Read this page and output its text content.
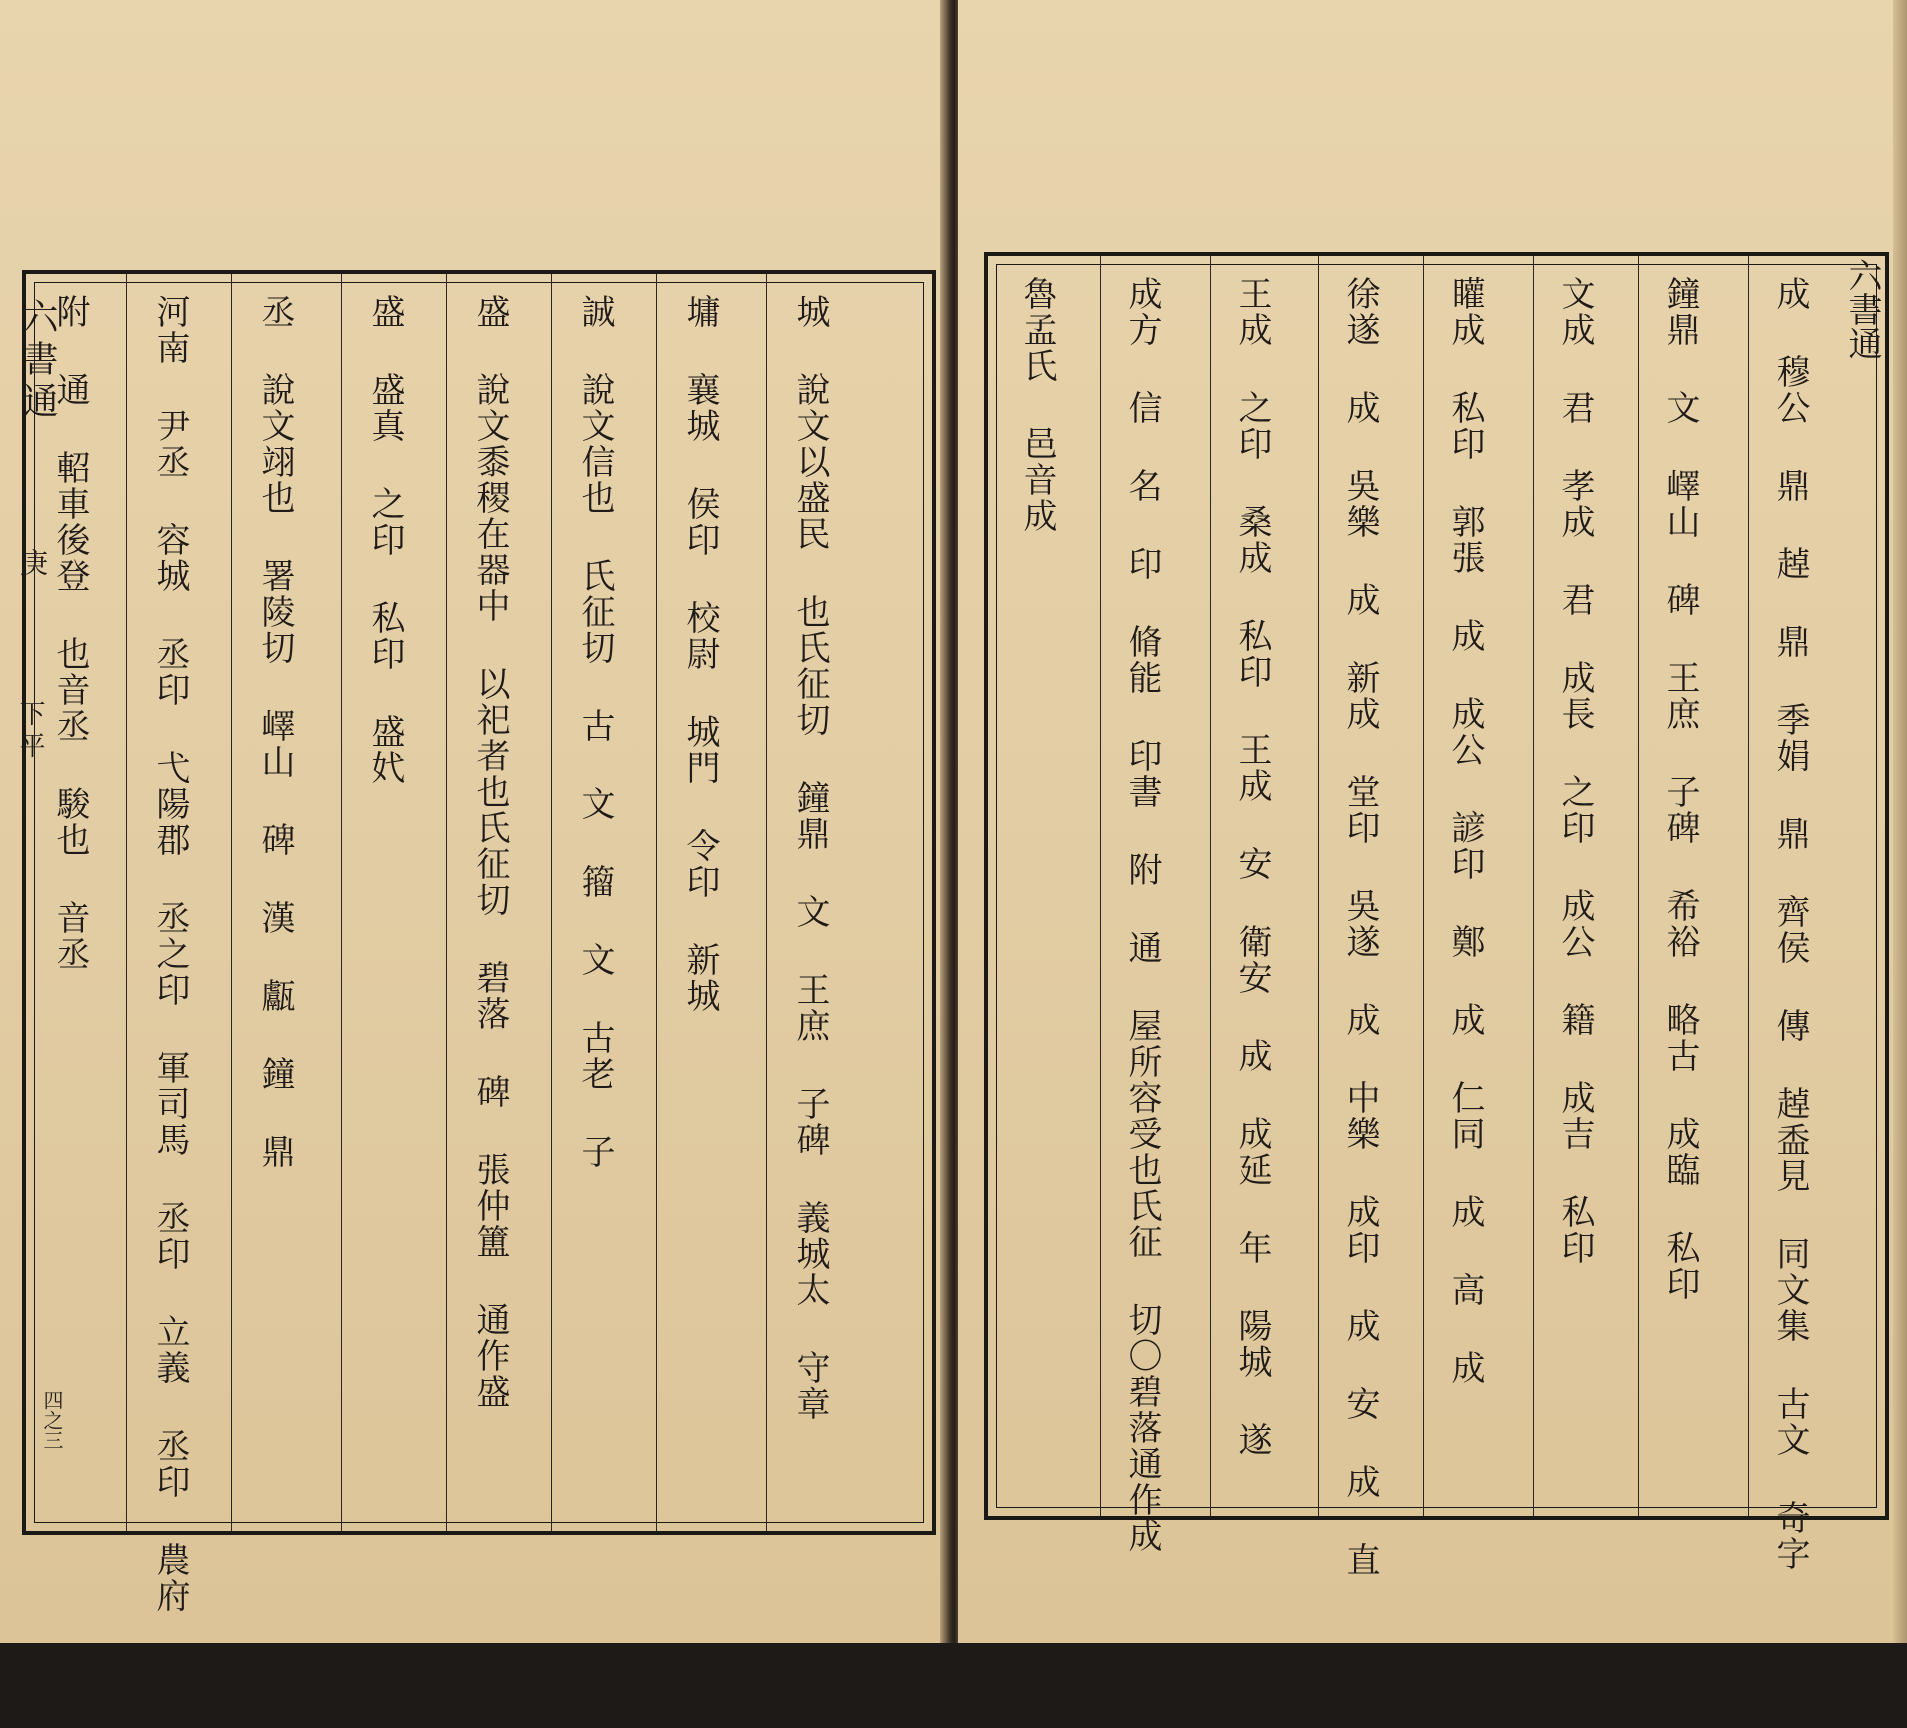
六書通
庚
下平
四之三	城 說文以盛民 也氏征切 鐘鼎 文 王庶 子碑 義城太 守章
墉 襄城 侯印 校尉 城門 令印 新城
誠 說文信也 氏征切 古 文 籀 文 古老 子
盛 說文黍稷在器中 以祀者也氏征切 碧落 碑 張仲簠 通作盛
盛 盛真 之印 私印 盛㚤
丞 說文翊也 署陵切 嶧山 碑 漢 甗 鐘 鼎
河南 尹丞 容城 丞印 弋陽郡 丞之印 軍司馬 丞印 立義 丞印 農府 丞印
附 通 軺車後登 也音丞 駿也 音丞	成 穆公 鼎 趠 鼎 季娟 鼎 齊侯 傳 趠盉見 同文集 古文 奇字
鐘鼎 文 嶧山 碑 王庶 子碑 希裕 略古 成臨 私印
文成 君 孝成 君 成長 之印 成公 籍 成吉 私印
矔成 私印 郭張 成 成公 諺印 鄭 成 仁同 成 高 成
徐遂 成 吳樂 成 新成 堂印 吳遂 成 中樂 成印 成 安 成 直
王成 之印 桑成 私印 王成 安 衛安 成 成延 年 陽城 遂
成方 信 名 印 脩能 印書 附 通 屋所容受也氏征 切〇碧落通作成
魯孟氏 邑音成	六書通
